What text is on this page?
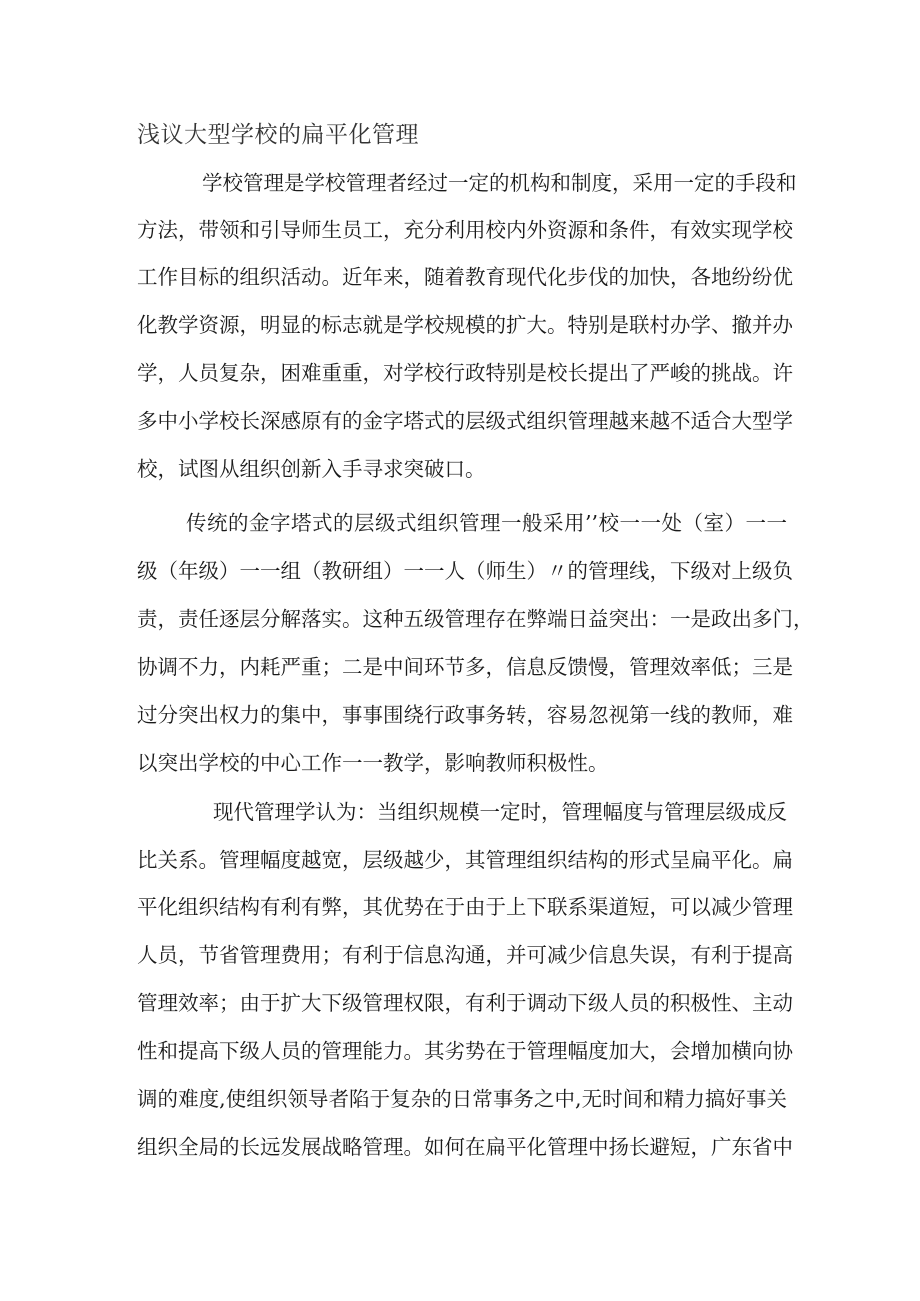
浅议大型学校的扁平化管理

学校管理是学校管理者经过一定的机构和制度，采用一定的手段和

方法，带领和引导师生员工，充分利用校内外资源和条件，有效实现学校

工作目标的组织活动。近年来，随着教育现代化步伐的加快，各地纷纷优

化教学资源，明显的标志就是学校规模的扩大。特别是联村办学、撤并办

学，人员复杂，困难重重，对学校行政特别是校长提出了严峻的挑战。许

多中小学校长深感原有的金字塔式的层级式组织管理越来越不适合大型学

校，试图从组织创新入手寻求突破口。

传统的金字塔式的层级式组织管理一般采用’’校一一处（室）一一

级（年级）一一组（教研组）一一人（师生）〃的管理线，下级对上级负

责，责任逐层分解落实。这种五级管理存在弊端日益突出：一是政出多门，

协调不力，内耗严重；二是中间环节多，信息反馈慢，管理效率低；三是

过分突出权力的集中，事事围绕行政事务转，容易忽视第一线的教师，难

以突出学校的中心工作一一教学，影响教师积极性。

现代管理学认为：当组织规模一定时，管理幅度与管理层级成反

比关系。管理幅度越宽，层级越少，其管理组织结构的形式呈扁平化。扁

平化组织结构有利有弊，其优势在于由于上下联系渠道短，可以减少管理

人员，节省管理费用；有利于信息沟通，并可减少信息失误，有利于提高

管理效率；由于扩大下级管理权限，有利于调动下级人员的积极性、主动

性和提高下级人员的管理能力。其劣势在于管理幅度加大，会增加横向协

调的难度,使组织领导者陷于复杂的日常事务之中,无时间和精力搞好事关

组织全局的长远发展战略管理。如何在扁平化管理中扬长避短，广东省中
